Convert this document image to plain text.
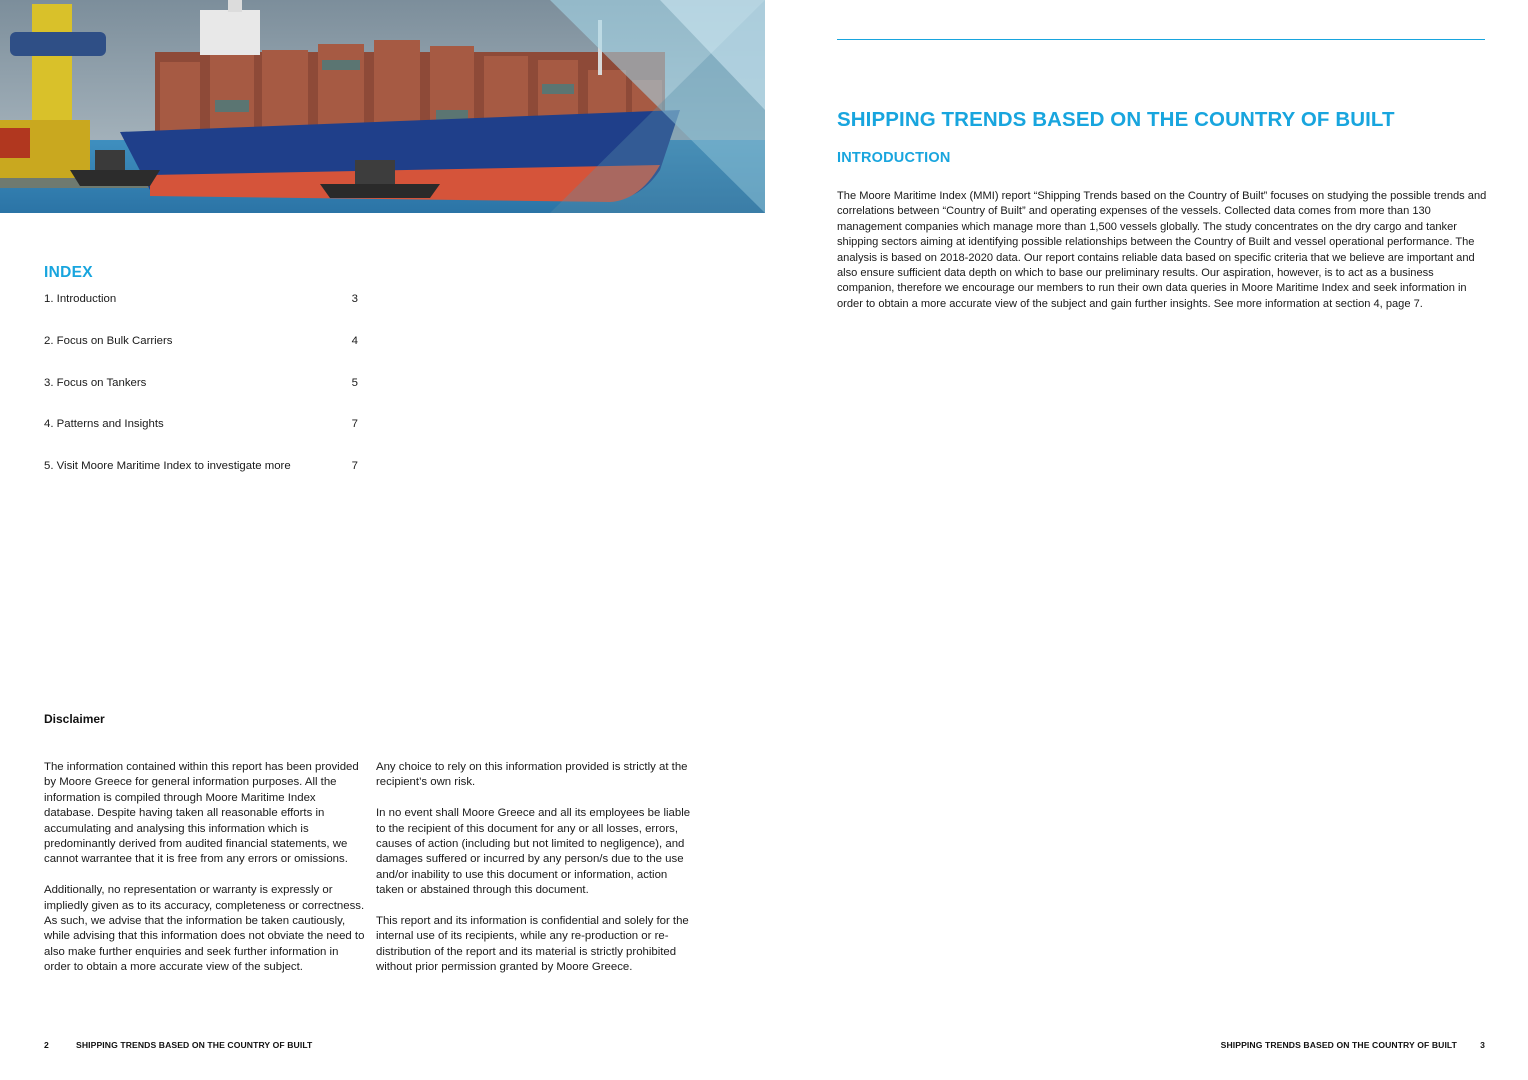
INDEX
1. Introduction	3
2. Focus on Bulk Carriers	4
3. Focus on Tankers	5
4. Patterns and Insights	7
5. Visit Moore Maritime Index to investigate more	7
Disclaimer

The information contained within this report has been provided by Moore Greece for general information purposes. All the information is compiled through Moore Maritime Index database. Despite having taken all reasonable efforts in accumulating and analysing this information which is predominantly derived from audited financial statements, we cannot warrantee that it is free from any errors or omissions.

Additionally, no representation or warranty is expressly or impliedly given as to its accuracy, completeness or correctness. As such, we advise that the information be taken cautiously, while advising that this information does not obviate the need to also make further enquiries and seek further information in order to obtain a more accurate view of the subject.

Any choice to rely on this information provided is strictly at the recipient’s own risk.

In no event shall Moore Greece and all its employees be liable to the recipient of this document for any or all losses, errors, causes of action (including but not limited to negligence), and damages suffered or incurred by any person/s due to the use and/or inability to use this document or information, action taken or abstained through this document.

This report and its information is confidential and solely for the internal use of its recipients, while any re-production or re-distribution of the report and its material is strictly prohibited without prior permission granted by Moore Greece.

2	SHIPPING TRENDS BASED ON THE COUNTRY OF BUILT
SHIPPING TRENDS BASED ON THE COUNTRY OF BUILT
INTRODUCTION

The Moore Maritime Index (MMI) report “Shipping Trends based on the Country of Built” focuses on studying the possible trends and correlations between “Country of Built” and operating expenses of the vessels. Collected data comes from more than 130 management companies which manage more than 1,500 vessels globally. The study concentrates on the dry cargo and tanker shipping sectors aiming at identifying possible relationships between the Country of Built and vessel operational performance. The analysis is based on 2018-2020 data. Our report contains reliable data based on specific criteria that we believe are important and also ensure sufficient data depth on which to base our preliminary results. Our aspiration, however, is to act as a business companion, therefore we encourage our members to run their own data queries in Moore Maritime Index and seek information in order to obtain a more accurate view of the subject and gain further insights. See more information at section 4, page 7.

SHIPPING TRENDS BASED ON THE COUNTRY OF BUILT	3
